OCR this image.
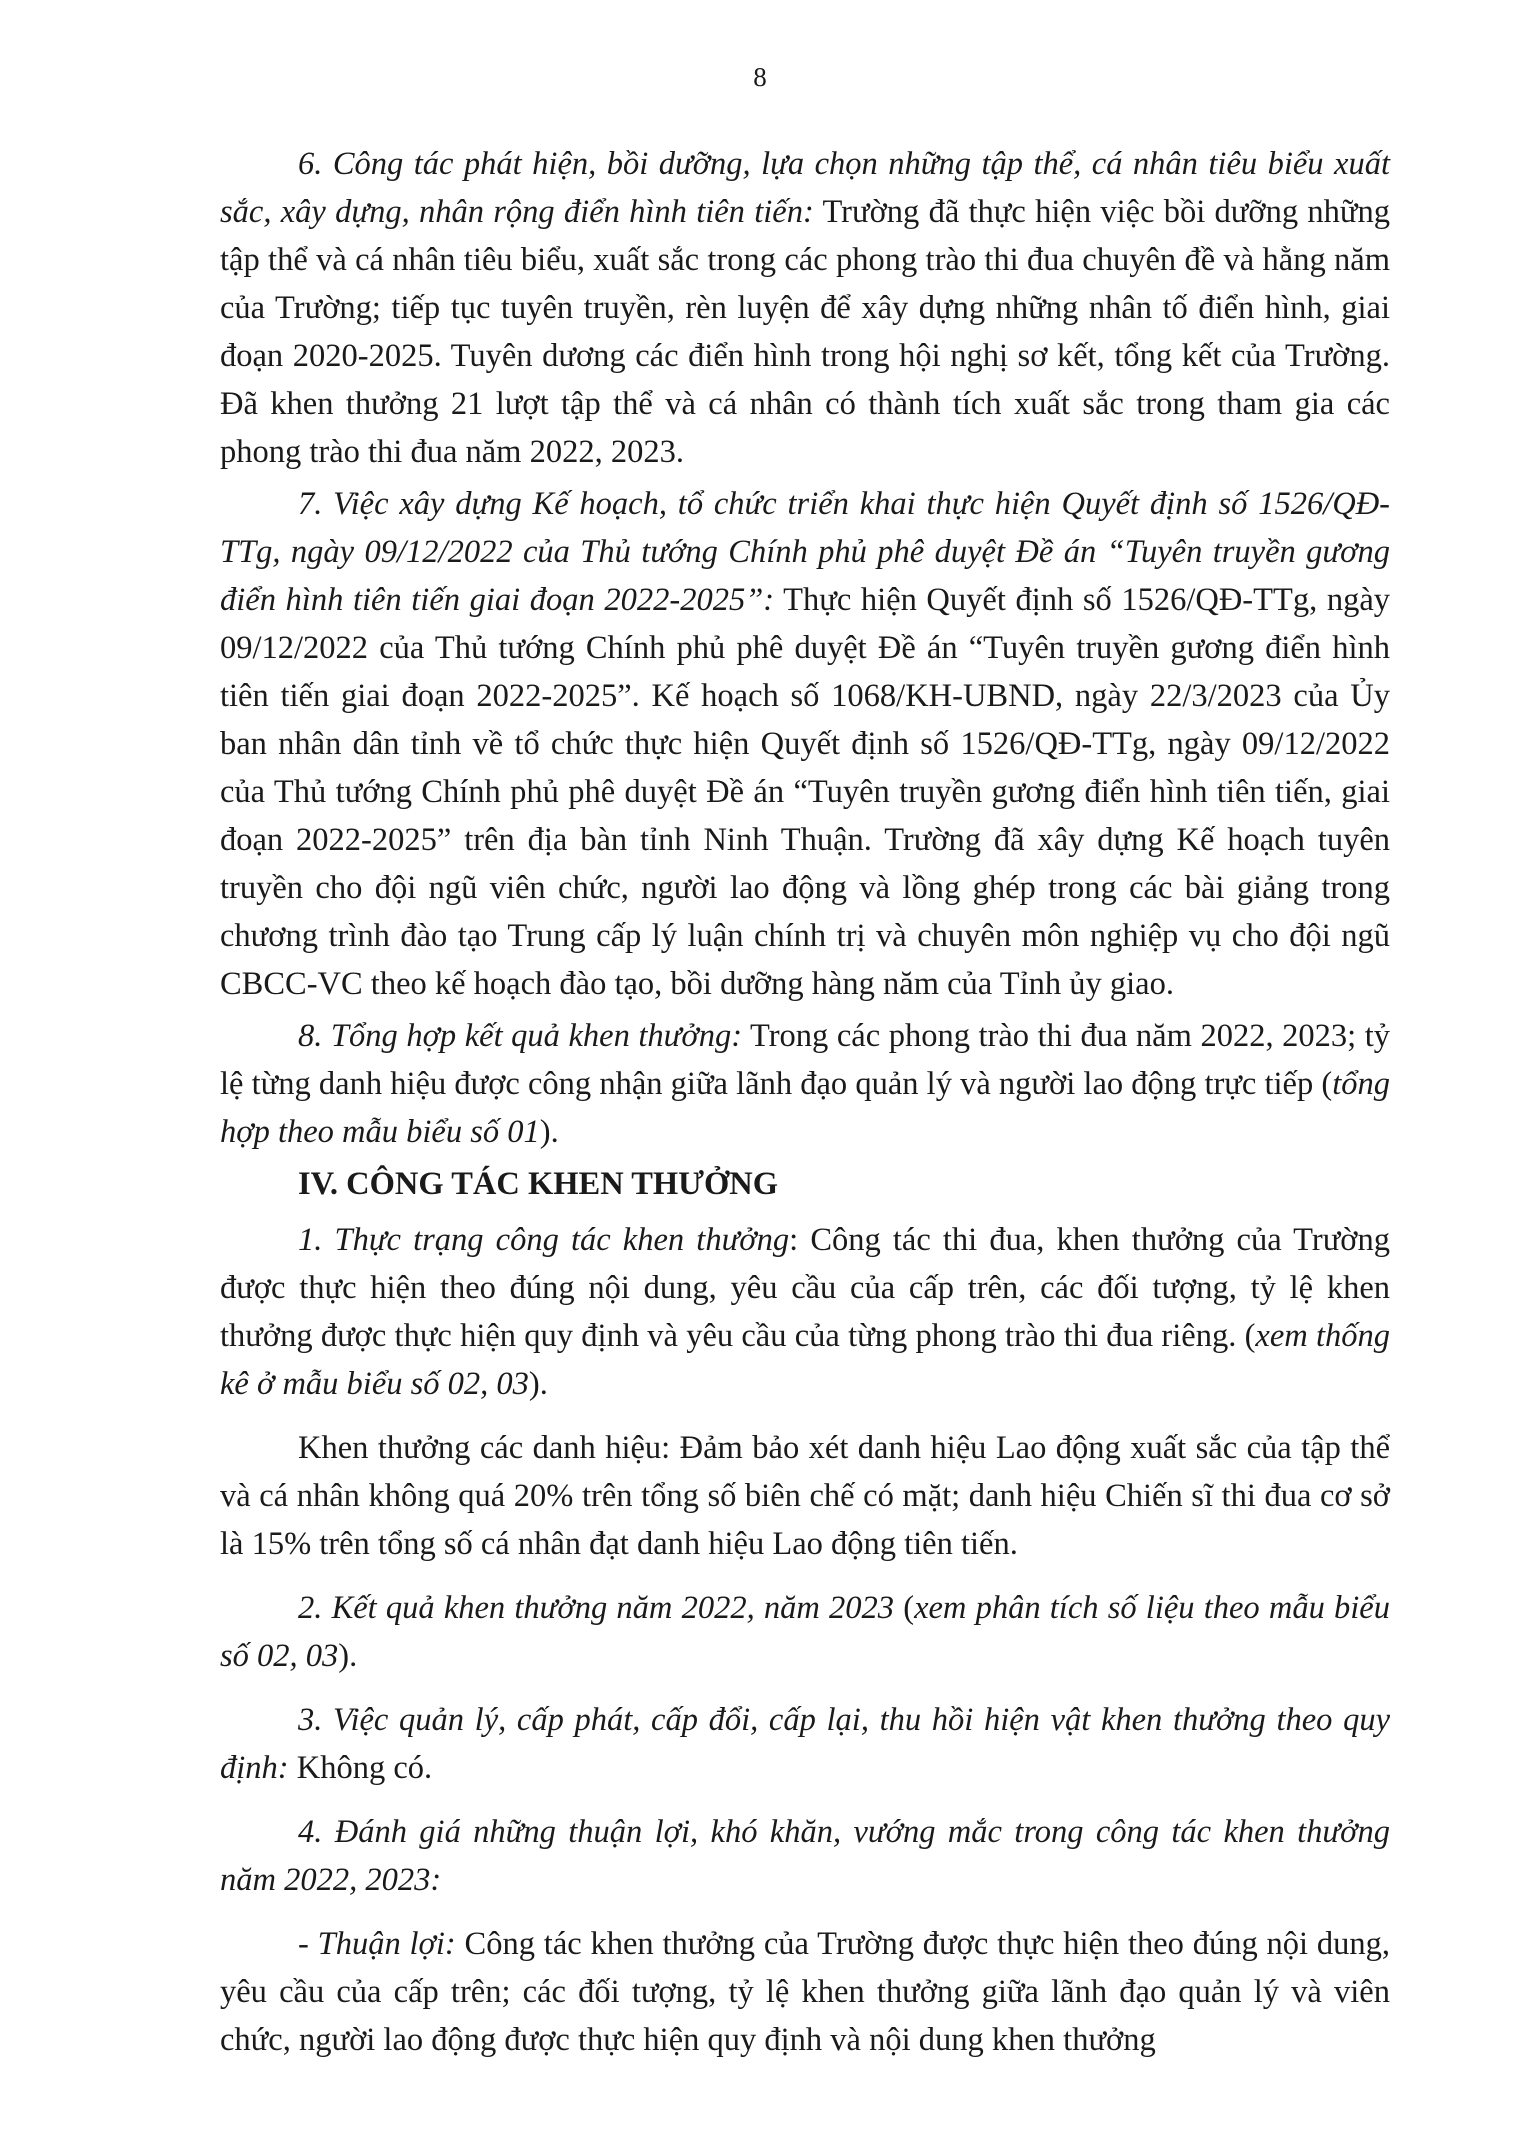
8

6. Công tác phát hiện, bồi dưỡng, lựa chọn những tập thể, cá nhân tiêu biểu xuất sắc, xây dựng, nhân rộng điển hình tiên tiến: Trường đã thực hiện việc bồi dưỡng những tập thể và cá nhân tiêu biểu, xuất sắc trong các phong trào thi đua chuyên đề và hằng năm của Trường; tiếp tục tuyên truyền, rèn luyện để xây dựng những nhân tố điển hình, giai đoạn 2020-2025. Tuyên dương các điển hình trong hội nghị sơ kết, tổng kết của Trường. Đã khen thưởng 21 lượt tập thể và cá nhân có thành tích xuất sắc trong tham gia các phong trào thi đua năm 2022, 2023.

7. Việc xây dựng Kế hoạch, tổ chức triển khai thực hiện Quyết định số 1526/QĐ-TTg, ngày 09/12/2022 của Thủ tướng Chính phủ phê duyệt Đề án “Tuyên truyền gương điển hình tiên tiến giai đoạn 2022-2025”: Thực hiện Quyết định số 1526/QĐ-TTg, ngày 09/12/2022 của Thủ tướng Chính phủ phê duyệt Đề án “Tuyên truyền gương điển hình tiên tiến giai đoạn 2022-2025”. Kế hoạch số 1068/KH-UBND, ngày 22/3/2023 của Ủy ban nhân dân tỉnh về tổ chức thực hiện Quyết định số 1526/QĐ-TTg, ngày 09/12/2022 của Thủ tướng Chính phủ phê duyệt Đề án “Tuyên truyền gương điển hình tiên tiến, giai đoạn 2022-2025” trên địa bàn tỉnh Ninh Thuận. Trường đã xây dựng Kế hoạch tuyên truyền cho đội ngũ viên chức, người lao động và lồng ghép trong các bài giảng trong chương trình đào tạo Trung cấp lý luận chính trị và chuyên môn nghiệp vụ cho đội ngũ CBCC-VC theo kế hoạch đào tạo, bồi dưỡng hàng năm của Tỉnh ủy giao.

8. Tổng hợp kết quả khen thưởng: Trong các phong trào thi đua năm 2022, 2023; tỷ lệ từng danh hiệu được công nhận giữa lãnh đạo quản lý và người lao động trực tiếp (tổng hợp theo mẫu biểu số 01).

IV. CÔNG TÁC KHEN THƯỞNG

1. Thực trạng công tác khen thưởng: Công tác thi đua, khen thưởng của Trường được thực hiện theo đúng nội dung, yêu cầu của cấp trên, các đối tượng, tỷ lệ khen thưởng được thực hiện quy định và yêu cầu của từng phong trào thi đua riêng. (xem thống kê ở mẫu biểu số 02, 03).

Khen thưởng các danh hiệu: Đảm bảo xét danh hiệu Lao động xuất sắc của tập thể và cá nhân không quá 20% trên tổng số biên chế có mặt; danh hiệu Chiến sĩ thi đua cơ sở là 15% trên tổng số cá nhân đạt danh hiệu Lao động tiên tiến.

2. Kết quả khen thưởng năm 2022, năm 2023 (xem phân tích số liệu theo mẫu biểu số 02, 03).

3. Việc quản lý, cấp phát, cấp đổi, cấp lại, thu hồi hiện vật khen thưởng theo quy định: Không có.

4. Đánh giá những thuận lợi, khó khăn, vướng mắc trong công tác khen thưởng năm 2022, 2023:

- Thuận lợi: Công tác khen thưởng của Trường được thực hiện theo đúng nội dung, yêu cầu của cấp trên; các đối tượng, tỷ lệ khen thưởng giữa lãnh đạo quản lý và viên chức, người lao động được thực hiện quy định và nội dung khen thưởng
